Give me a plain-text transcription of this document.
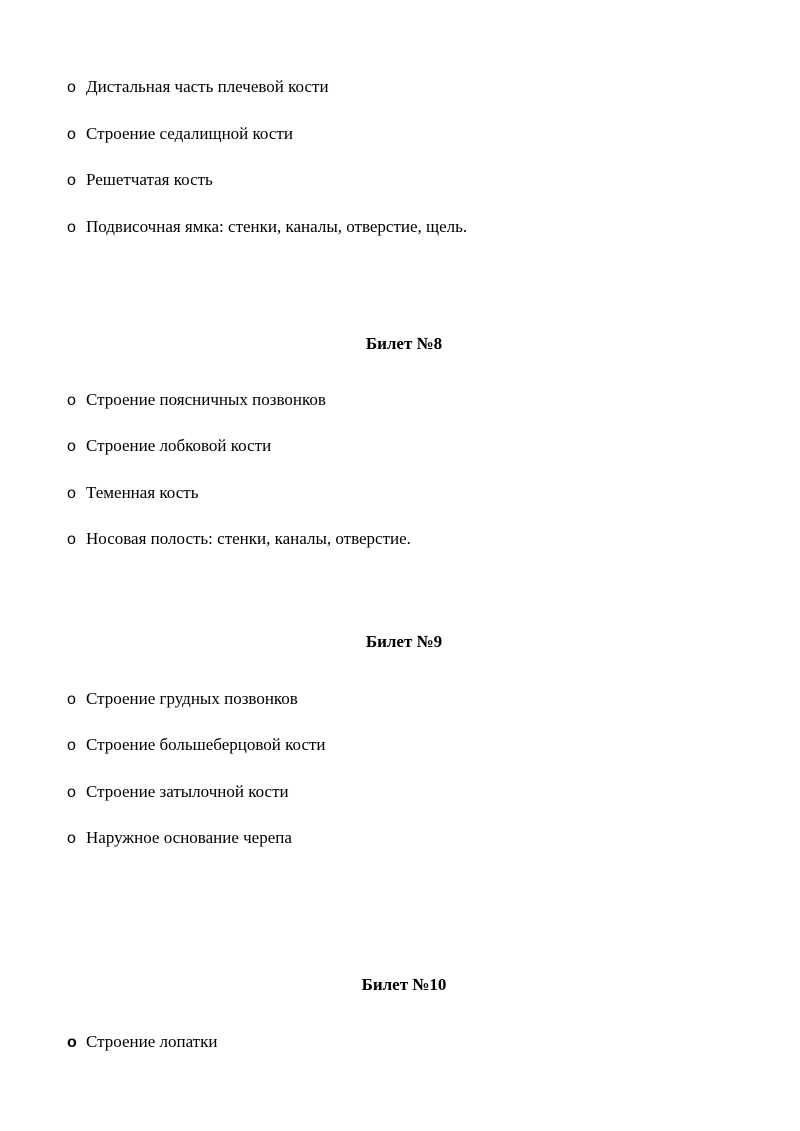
o Дистальная часть плечевой кости
o Строение седалищной кости
o Решетчатая кость
o Подвисочная ямка: стенки, каналы, отверстие, щель.
Билет №8
o Строение поясничных позвонков
o Строение лобковой кости
o Теменная кость
o Носовая полость: стенки, каналы, отверстие.
Билет №9
o Строение грудных позвонков
o Строение большеберцовой кости
o Строение затылочной кости
o Наружное основание черепа
Билет №10
o Строение лопатки
